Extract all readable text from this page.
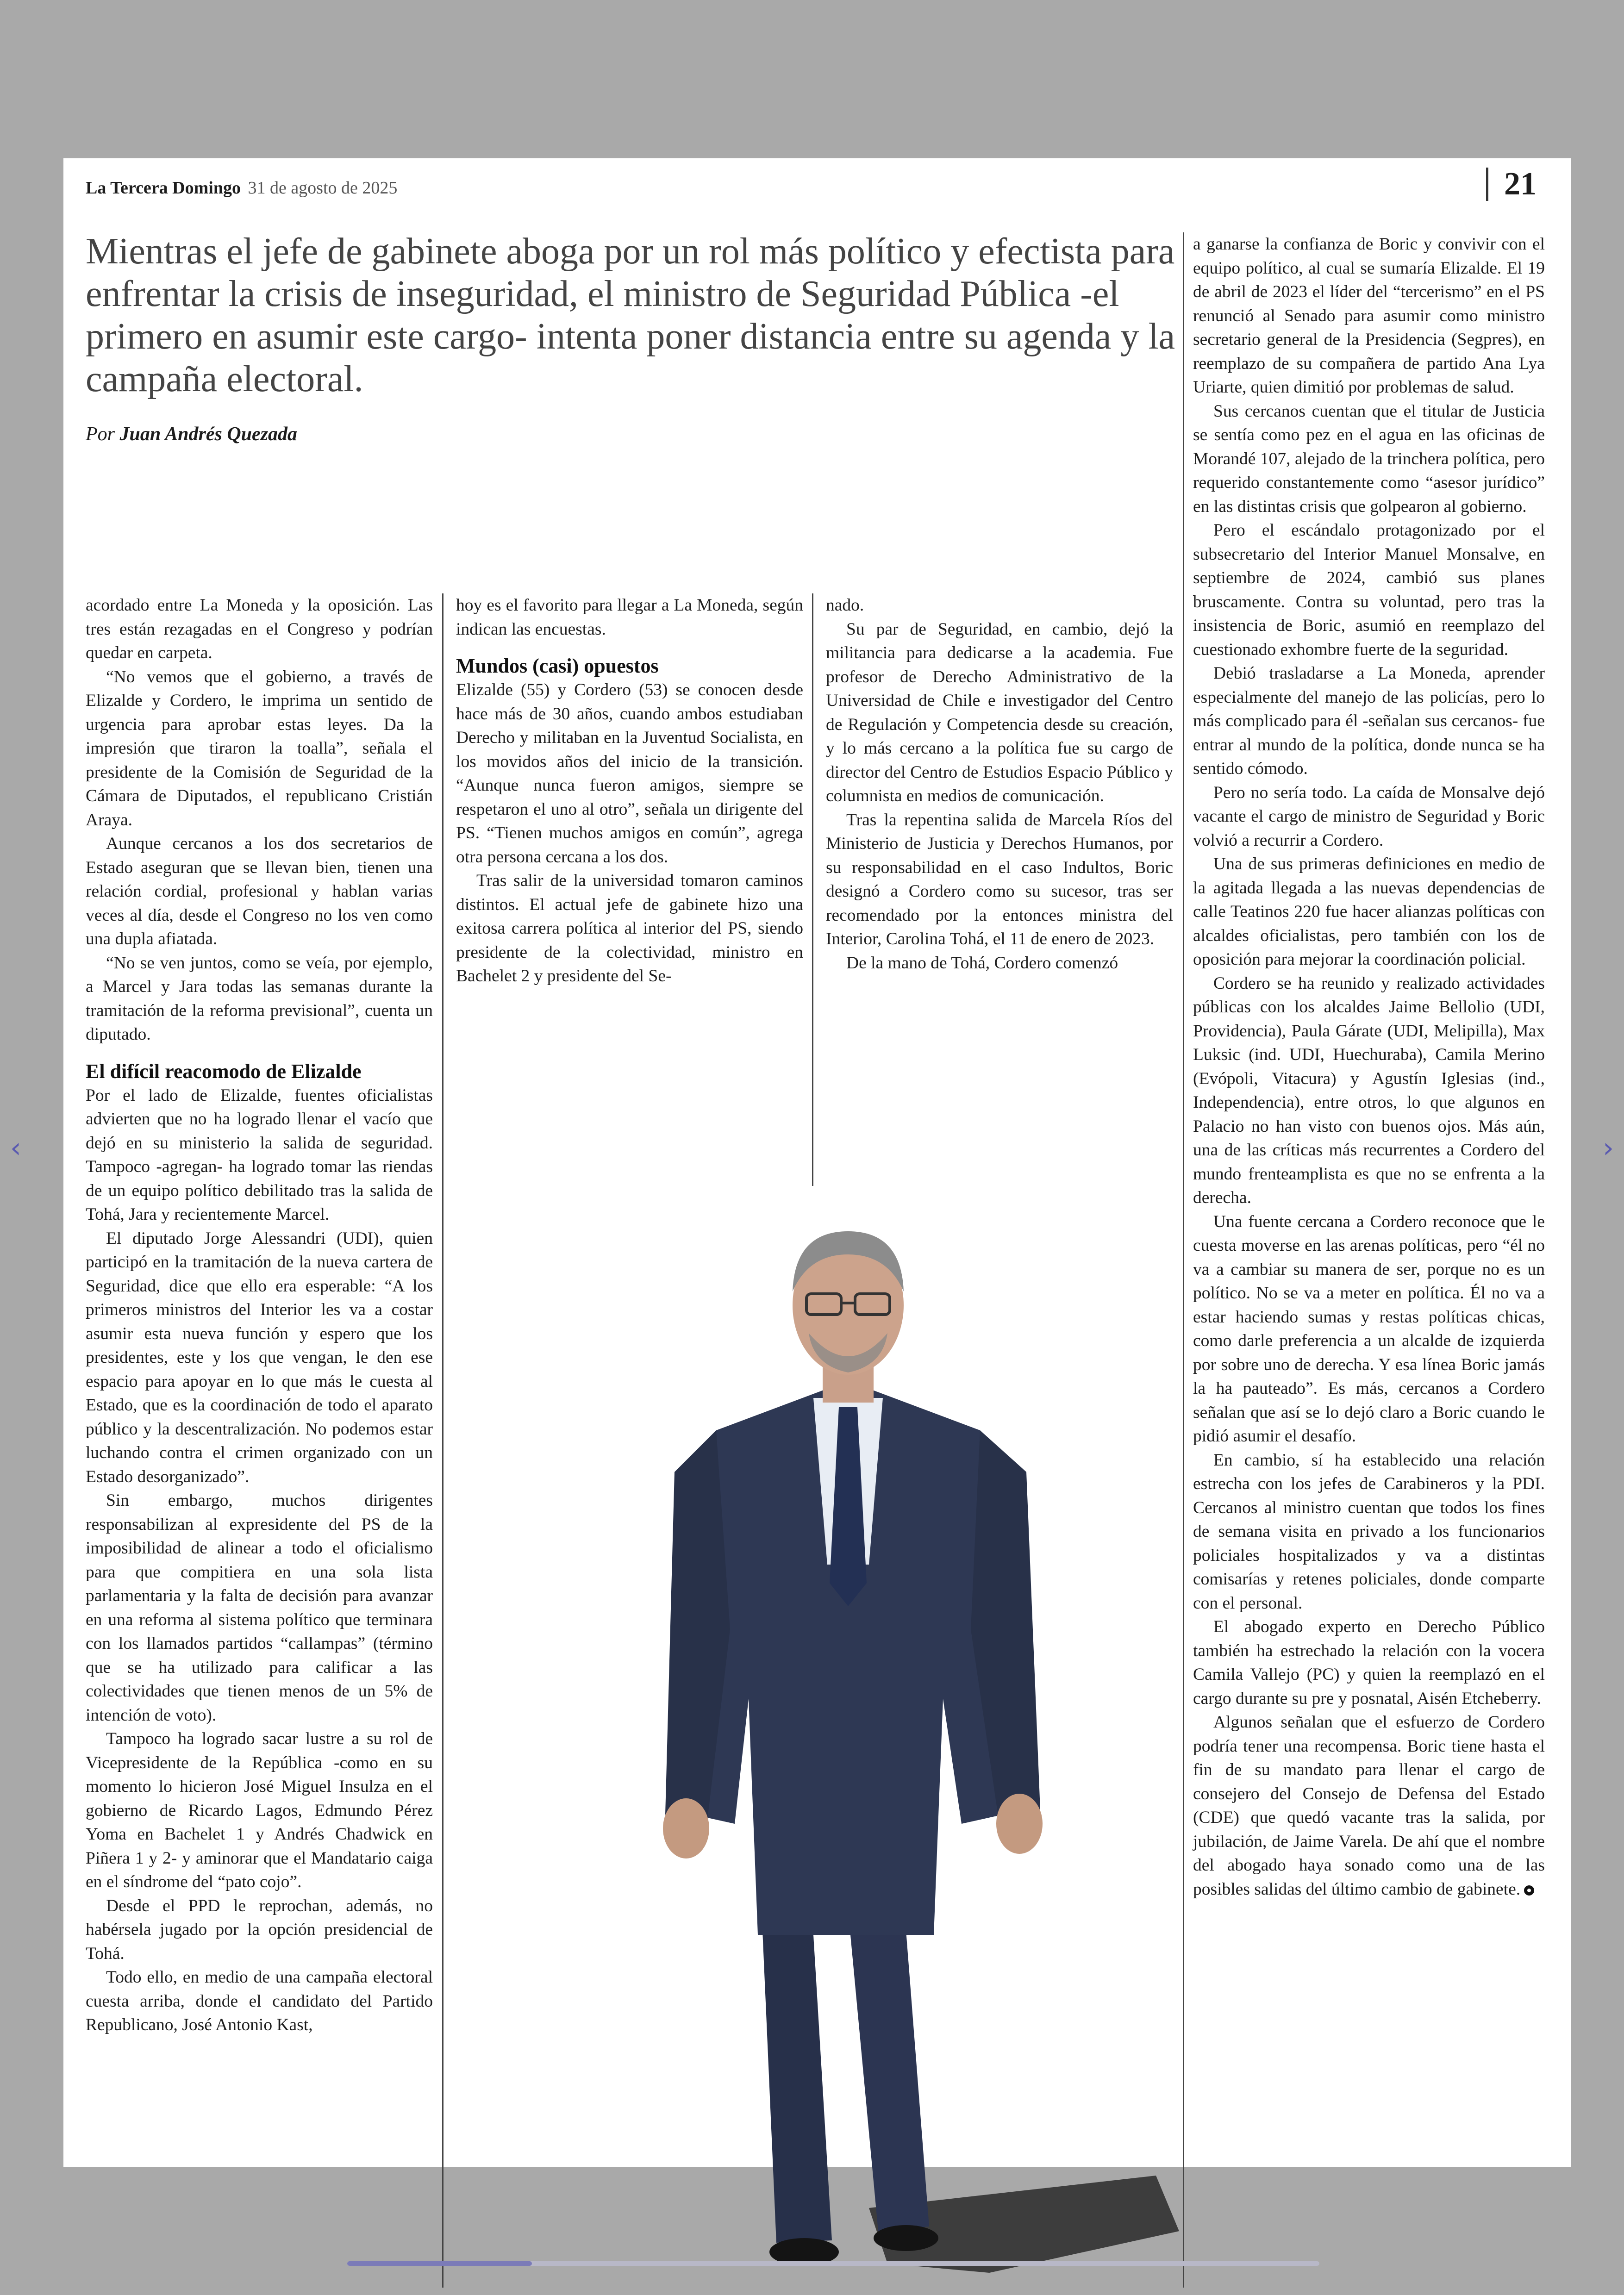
‹	›
La Tercera Domingo 31 de agosto de 2025	21
Mientras el jefe de gabinete aboga por un rol más político y efectista para enfrentar la crisis de inseguridad, el ministro de Seguridad Pública -el primero en asumir este cargo- intenta poner distancia entre su agenda y la campaña electoral.
Por Juan Andrés Quezada

acordado entre La Moneda y la oposición. Las tres están rezagadas en el Congreso y podrían quedar en carpeta.

“No vemos que el gobierno, a través de Elizalde y Cordero, le imprima un sentido de urgencia para aprobar estas leyes. Da la impresión que tiraron la toalla”, señala el presidente de la Comisión de Seguridad de la Cámara de Diputados, el republicano Cristián Araya.

Aunque cercanos a los dos secretarios de Estado aseguran que se llevan bien, tienen una relación cordial, profesional y hablan varias veces al día, desde el Congreso no los ven como una dupla afiatada.

“No se ven juntos, como se veía, por ejemplo, a Marcel y Jara todas las semanas durante la tramitación de la reforma previsional”, cuenta un diputado.

El difícil reacomodo de Elizalde

Por el lado de Elizalde, fuentes oficialistas advierten que no ha logrado llenar el vacío que dejó en su ministerio la salida de seguridad. Tampoco -agregan- ha logrado tomar las riendas de un equipo político debilitado tras la salida de Tohá, Jara y recientemente Marcel.

El diputado Jorge Alessandri (UDI), quien participó en la tramitación de la nueva cartera de Seguridad, dice que ello era esperable: “A los primeros ministros del Interior les va a costar asumir esta nueva función y espero que los presidentes, este y los que vengan, le den ese espacio para apoyar en lo que más le cuesta al Estado, que es la coordinación de todo el aparato público y la descentralización. No podemos estar luchando contra el crimen organizado con un Estado desorganizado”.

Sin embargo, muchos dirigentes responsabilizan al expresidente del PS de la imposibilidad de alinear a todo el oficialismo para que compitiera en una sola lista parlamentaria y la falta de decisión para avanzar en una reforma al sistema político que terminara con los llamados partidos “callampas” (término que se ha utilizado para calificar a las colectividades que tienen menos de un 5% de intención de voto).

Tampoco ha logrado sacar lustre a su rol de Vicepresidente de la República -como en su momento lo hicieron José Miguel Insulza en el gobierno de Ricardo Lagos, Edmundo Pérez Yoma en Bachelet 1 y Andrés Chadwick en Piñera 1 y 2- y aminorar que el Mandatario caiga en el síndrome del “pato cojo”.

Desde el PPD le reprochan, además, no habérsela jugado por la opción presidencial de Tohá.

Todo ello, en medio de una campaña electoral cuesta arriba, donde el candidato del Partido Republicano, José Antonio Kast,

hoy es el favorito para llegar a La Moneda, según indican las encuestas.

Mundos (casi) opuestos

Elizalde (55) y Cordero (53) se conocen desde hace más de 30 años, cuando ambos estudiaban Derecho y militaban en la Juventud Socialista, en los movidos años del inicio de la transición. “Aunque nunca fueron amigos, siempre se respetaron el uno al otro”, señala un dirigente del PS. “Tienen muchos amigos en común”, agrega otra persona cercana a los dos.

Tras salir de la universidad tomaron caminos distintos. El actual jefe de gabinete hizo una exitosa carrera política al interior del PS, siendo presidente de la colectividad, ministro en Bachelet 2 y presidente del Se-

nado.

Su par de Seguridad, en cambio, dejó la militancia para dedicarse a la academia. Fue profesor de Derecho Administrativo de la Universidad de Chile e investigador del Centro de Regulación y Competencia desde su creación, y lo más cercano a la política fue su cargo de director del Centro de Estudios Espacio Público y columnista en medios de comunicación.

Tras la repentina salida de Marcela Ríos del Ministerio de Justicia y Derechos Humanos, por su responsabilidad en el caso Indultos, Boric designó a Cordero como su sucesor, tras ser recomendado por la entonces ministra del Interior, Carolina Tohá, el 11 de enero de 2023.

De la mano de Tohá, Cordero comenzó

a ganarse la confianza de Boric y convivir con el equipo político, al cual se sumaría Elizalde. El 19 de abril de 2023 el líder del “tercerismo” en el PS renunció al Senado para asumir como ministro secretario general de la Presidencia (Segpres), en reemplazo de su compañera de partido Ana Lya Uriarte, quien dimitió por problemas de salud.

Sus cercanos cuentan que el titular de Justicia se sentía como pez en el agua en las oficinas de Morandé 107, alejado de la trinchera política, pero requerido constantemente como “asesor jurídico” en las distintas crisis que golpearon al gobierno.

Pero el escándalo protagonizado por el subsecretario del Interior Manuel Monsalve, en septiembre de 2024, cambió sus planes bruscamente. Contra su voluntad, pero tras la insistencia de Boric, asumió en reemplazo del cuestionado exhombre fuerte de la seguridad.

Debió trasladarse a La Moneda, aprender especialmente del manejo de las policías, pero lo más complicado para él -señalan sus cercanos- fue entrar al mundo de la política, donde nunca se ha sentido cómodo.

Pero no sería todo. La caída de Monsalve dejó vacante el cargo de ministro de Seguridad y Boric volvió a recurrir a Cordero.

Una de sus primeras definiciones en medio de la agitada llegada a las nuevas dependencias de calle Teatinos 220 fue hacer alianzas políticas con alcaldes oficialistas, pero también con los de oposición para mejorar la coordinación policial.

Cordero se ha reunido y realizado actividades públicas con los alcaldes Jaime Bellolio (UDI, Providencia), Paula Gárate (UDI, Melipilla), Max Luksic (ind. UDI, Huechuraba), Camila Merino (Evópoli, Vitacura) y Agustín Iglesias (ind., Independencia), entre otros, lo que algunos en Palacio no han visto con buenos ojos. Más aún, una de las críticas más recurrentes a Cordero del mundo frenteamplista es que no se enfrenta a la derecha.

Una fuente cercana a Cordero reconoce que le cuesta moverse en las arenas políticas, pero “él no va a cambiar su manera de ser, porque no es un político. No se va a meter en política. Él no va a estar haciendo sumas y restas políticas chicas, como darle preferencia a un alcalde de izquierda por sobre uno de derecha. Y esa línea Boric jamás la ha pauteado”. Es más, cercanos a Cordero señalan que así se lo dejó claro a Boric cuando le pidió asumir el desafío.

En cambio, sí ha establecido una relación estrecha con los jefes de Carabineros y la PDI. Cercanos al ministro cuentan que todos los fines de semana visita en privado a los funcionarios policiales hospitalizados y va a distintas comisarías y retenes policiales, donde comparte con el personal.

El abogado experto en Derecho Público también ha estrechado la relación con la vocera Camila Vallejo (PC) y quien la reemplazó en el cargo durante su pre y posnatal, Aisén Etcheberry.

Algunos señalan que el esfuerzo de Cordero podría tener una recompensa. Boric tiene hasta el fin de su mandato para llenar el cargo de consejero del Consejo de Defensa del Estado (CDE) que quedó vacante tras la salida, por jubilación, de Jaime Varela. De ahí que el nombre del abogado haya sonado como una de las posibles salidas del último cambio de gabinete.
